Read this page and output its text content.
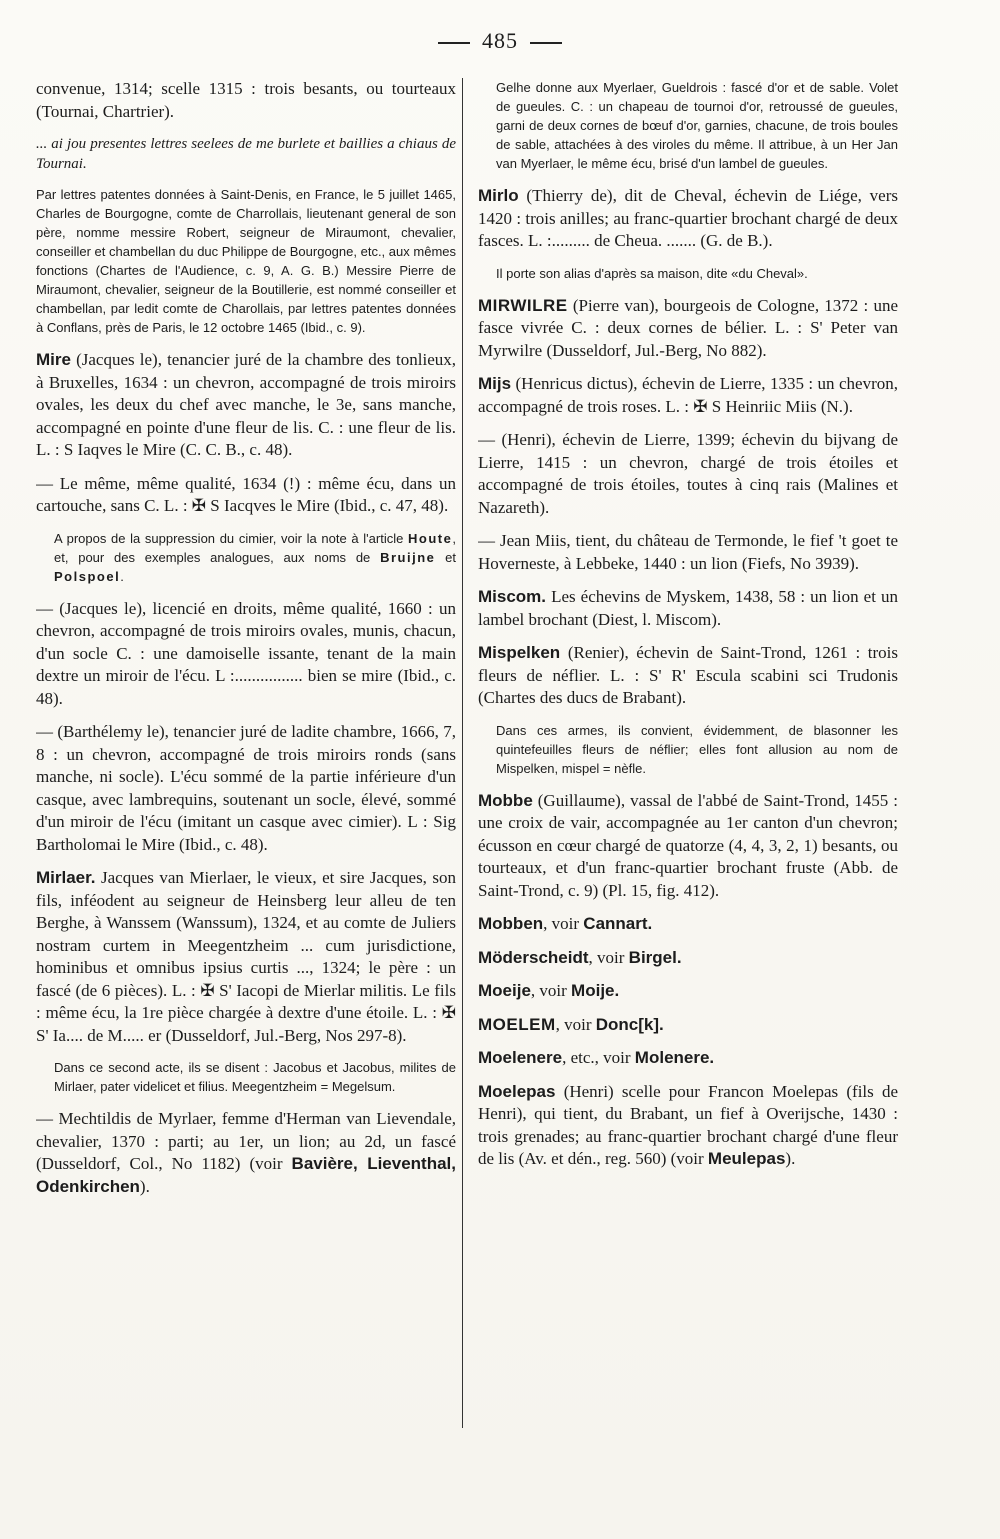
485

convenue, 1314; scelle 1315 : trois besants, ou tourteaux (Tournai, Chartrier).

... ai jou presentes lettres seelees de me burlete et baillies a chiaus de Tournai.

Par lettres patentes données à Saint-Denis, en France, le 5 juillet 1465, Charles de Bourgogne, comte de Charrollais, lieutenant general de son père, nomme messire Robert, seigneur de Miraumont, chevalier, conseiller et chambellan du duc Philippe de Bourgogne, etc., aux mêmes fonctions (Chartes de l'Audience, c. 9, A. G. B.) Messire Pierre de Miraumont, chevalier, seigneur de la Boutillerie, est nommé conseiller et chambellan, par ledit comte de Charollais, par lettres patentes données à Conflans, près de Paris, le 12 octobre 1465 (Ibid., c. 9).

Mire (Jacques le), tenancier juré de la chambre des tonlieux, à Bruxelles, 1634 : un chevron, accompagné de trois miroirs ovales, les deux du chef avec manche, le 3e, sans manche, accompagné en pointe d'une fleur de lis. C. : une fleur de lis. L. : S Iaqves le Mire (C. C. B., c. 48).

— Le même, même qualité, 1634 (!) : même écu, dans un cartouche, sans C. L. : ✠ S Iacqves le Mire (Ibid., c. 47, 48).

A propos de la suppression du cimier, voir la note à l'article Houte, et, pour des exemples analogues, aux noms de Bruijne et Polspoel.

— (Jacques le), licencié en droits, même qualité, 1660 : un chevron, accompagné de trois miroirs ovales, munis, chacun, d'un socle C. : une damoiselle issante, tenant de la main dextre un miroir de l'écu. L :................ bien se mire (Ibid., c. 48).

— (Barthélemy le), tenancier juré de ladite chambre, 1666, 7, 8 : un chevron, accompagné de trois miroirs ronds (sans manche, ni socle). L'écu sommé de la partie inférieure d'un casque, avec lambrequins, soutenant un socle, élevé, sommé d'un miroir de l'écu (imitant un casque avec cimier). L : Sig Bartholomai le Mire (Ibid., c. 48).

Mirlaer. Jacques van Mierlaer, le vieux, et sire Jacques, son fils, inféodent au seigneur de Heinsberg leur alleu de ten Berghe, à Wanssem (Wanssum), 1324, et au comte de Juliers nostram curtem in Meegentzheim ... cum jurisdictione, hominibus et omnibus ipsius curtis ..., 1324; le père : un fascé (de 6 pièces). L. : ✠ S' Iacopi de Mierlar militis. Le fils : même écu, la 1re pièce chargée à dextre d'une étoile. L. : ✠ S' Ia.... de M..... er (Dusseldorf, Jul.-Berg, Nos 297-8).

Dans ce second acte, ils se disent : Jacobus et Jacobus, milites de Mirlaer, pater videlicet et filius. Meegentzheim = Megelsum.

— Mechtildis de Myrlaer, femme d'Herman van Lievendale, chevalier, 1370 : parti; au 1er, un lion; au 2d, un fascé (Dusseldorf, Col., No 1182) (voir Bavière, Lieventhal, Odenkirchen).

Gelhe donne aux Myerlaer, Gueldrois : fascé d'or et de sable. Volet de gueules. C. : un chapeau de tournoi d'or, retroussé de gueules, garni de deux cornes de bœuf d'or, garnies, chacune, de trois boules de sable, attachées à des viroles du même. Il attribue, à un Her Jan van Myerlaer, le même écu, brisé d'un lambel de gueules.

Mirlo (Thierry de), dit de Cheval, échevin de Liége, vers 1420 : trois anilles; au franc-quartier brochant chargé de deux fasces. L. :......... de Cheua. ....... (G. de B.).

Il porte son alias d'après sa maison, dite «du Cheval».

MIRWILRE (Pierre van), bourgeois de Cologne, 1372 : une fasce vivrée C. : deux cornes de bélier. L. : S' Peter van Myrwilre (Dusseldorf, Jul.-Berg, No 882).

Mijs (Henricus dictus), échevin de Lierre, 1335 : un chevron, accompagné de trois roses. L. : ✠ S Heinriic Miis (N.).

— (Henri), échevin de Lierre, 1399; échevin du bijvang de Lierre, 1415 : un chevron, chargé de trois étoiles et accompagné de trois étoiles, toutes à cinq rais (Malines et Nazareth).

— Jean Miis, tient, du château de Termonde, le fief 't goet te Hoverneste, à Lebbeke, 1440 : un lion (Fiefs, No 3939).

Miscom. Les échevins de Myskem, 1438, 58 : un lion et un lambel brochant (Diest, l. Miscom).

Mispelken (Renier), échevin de Saint-Trond, 1261 : trois fleurs de néflier. L. : S' R' Escula scabini sci Trudonis (Chartes des ducs de Brabant).

Dans ces armes, ils convient, évidemment, de blasonner les quintefeuilles fleurs de néflier; elles font allusion au nom de Mispelken, mispel = nèfle.

Mobbe (Guillaume), vassal de l'abbé de Saint-Trond, 1455 : une croix de vair, accompagnée au 1er canton d'un chevron; écusson en cœur chargé de quatorze (4, 4, 3, 2, 1) besants, ou tourteaux, et d'un franc-quartier brochant fruste (Abb. de Saint-Trond, c. 9) (Pl. 15, fig. 412).

Mobben, voir Cannart.

Möderscheidt, voir Birgel.

Moeije, voir Moije.

MOELEM, voir Donc[k].

Moelenere, etc., voir Molenere.

Moelepas (Henri) scelle pour Francon Moelepas (fils de Henri), qui tient, du Brabant, un fief à Overijsche, 1430 : trois grenades; au franc-quartier brochant chargé d'une fleur de lis (Av. et dén., reg. 560) (voir Meulepas).
